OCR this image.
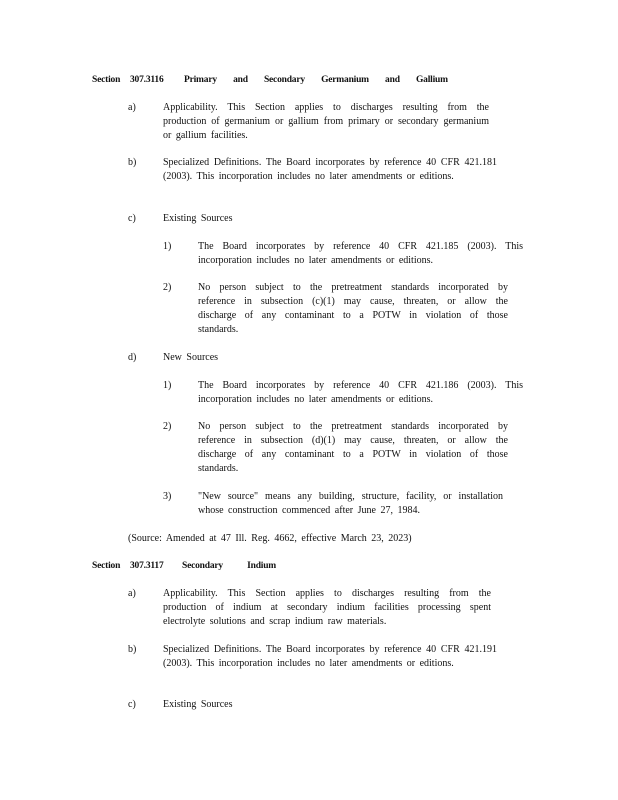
Section 307.3116 Primary and Secondary Germanium and Gallium
a)	Applicability. This Section applies to discharges resulting from the production of germanium or gallium from primary or secondary germanium or gallium facilities.
b)	Specialized Definitions. The Board incorporates by reference 40 CFR 421.181 (2003). This incorporation includes no later amendments or editions.
c)	Existing Sources
1)	The Board incorporates by reference 40 CFR 421.185 (2003). This incorporation includes no later amendments or editions.
2)	No person subject to the pretreatment standards incorporated by reference in subsection (c)(1) may cause, threaten, or allow the discharge of any contaminant to a POTW in violation of those standards.
d)	New Sources
1)	The Board incorporates by reference 40 CFR 421.186 (2003). This incorporation includes no later amendments or editions.
2)	No person subject to the pretreatment standards incorporated by reference in subsection (d)(1) may cause, threaten, or allow the discharge of any contaminant to a POTW in violation of those standards.
3)	"New source" means any building, structure, facility, or installation whose construction commenced after June 27, 1984.
(Source: Amended at 47 Ill. Reg. 4662, effective March 23, 2023)
Section 307.3117 Secondary Indium
a)	Applicability. This Section applies to discharges resulting from the production of indium at secondary indium facilities processing spent electrolyte solutions and scrap indium raw materials.
b)	Specialized Definitions. The Board incorporates by reference 40 CFR 421.191 (2003). This incorporation includes no later amendments or editions.
c)	Existing Sources
